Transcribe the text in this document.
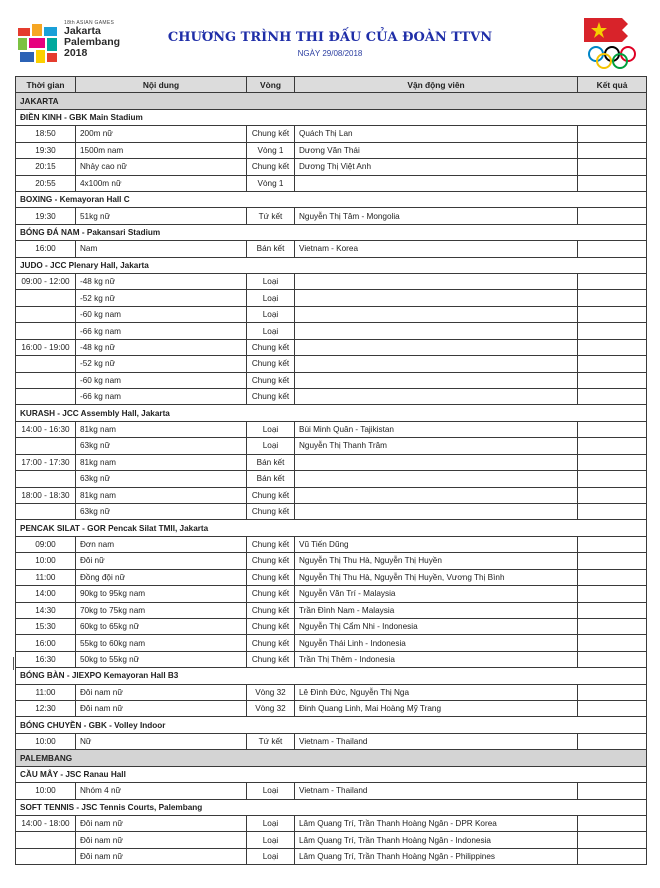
18th ASIAN GAMES
Jakarta
Palembang
2018
CHƯƠNG TRÌNH THI ĐẤU CỦA ĐOÀN TTVN
NGÀY 29/08/2018
Thời gian	Nội dung	Vòng	Vận động viên	Kết quả
JAKARTA				
ĐIỀN KINH - GBK Main Stadium				
18:50	200m nữ	Chung kết	Quách Thị Lan	
19:30	1500m nam	Vòng 1	Dương Văn Thái	
20:15	Nhảy cao nữ	Chung kết	Dương Thị Việt Anh	
20:55	4x100m nữ	Vòng 1		
BOXING - Kemayoran Hall C				
19:30	51kg nữ	Tứ kết	Nguyễn Thị Tâm - Mongolia	
BÓNG ĐÁ NAM - Pakansari Stadium				
16:00	Nam	Bán kết	Vietnam - Korea	
JUDO - JCC Plenary Hall, Jakarta				
09:00 - 12:00	-48 kg nữ	Loại		
	-52 kg nữ	Loại		
	-60 kg nam	Loại		
	-66 kg nam	Loại		
16:00 - 19:00	-48 kg nữ	Chung kết		
	-52 kg nữ	Chung kết		
	-60 kg nam	Chung kết		
	-66 kg nam	Chung kết		
KURASH - JCC Assembly Hall, Jakarta				
14:00 - 16:30	81kg nam	Loại	Bùi Minh Quân - Tajikistan	
	63kg nữ	Loại	Nguyễn Thị Thanh Trâm	
17:00 - 17:30	81kg nam	Bán kết		
	63kg nữ	Bán kết		
18:00 - 18:30	81kg nam	Chung kết		
	63kg nữ	Chung kết		
PENCAK SILAT - GOR Pencak Silat TMII, Jakarta				
09:00	Đơn nam	Chung kết	Vũ Tiến Dũng	
10:00	Đôi nữ	Chung kết	Nguyễn Thị Thu Hà, Nguyễn Thị Huyền	
11:00	Đồng đội nữ	Chung kết	Nguyễn Thị Thu Hà, Nguyễn Thị Huyền, Vương Thị Bình	
14:00	90kg to 95kg nam	Chung kết	Nguyễn Văn Trí - Malaysia	
14:30	70kg to 75kg nam	Chung kết	Trần Đình Nam - Malaysia	
15:30	60kg to 65kg nữ	Chung kết	Nguyễn Thị Cẩm Nhi - Indonesia	
16:00	55kg to 60kg nam	Chung kết	Nguyễn Thái Linh - Indonesia	
16:30	50kg to 55kg nữ	Chung kết	Trần Thị Thêm - Indonesia	
BÓNG BÀN - JIEXPO Kemayoran Hall B3				
11:00	Đôi nam nữ	Vòng 32	Lê Đình Đức, Nguyễn Thị Nga	
12:30	Đôi nam nữ	Vòng 32	Đinh Quang Linh, Mai Hoàng Mỹ Trang	
BÓNG CHUYỀN - GBK - Volley Indoor				
10:00	Nữ	Tứ kết	Vietnam - Thailand	
PALEMBANG				
CẦU MÂY - JSC Ranau Hall				
10:00	Nhóm 4 nữ	Loại	Vietnam - Thailand	
SOFT TENNIS - JSC Tennis Courts, Palembang				
14:00 - 18:00	Đôi nam nữ	Loại	Lâm Quang Trí, Trần Thanh Hoàng Ngân - DPR Korea	
	Đôi nam nữ	Loại	Lâm Quang Trí, Trần Thanh Hoàng Ngân - Indonesia	
	Đôi nam nữ	Loại	Lâm Quang Trí, Trần Thanh Hoàng Ngân - Philippines	
